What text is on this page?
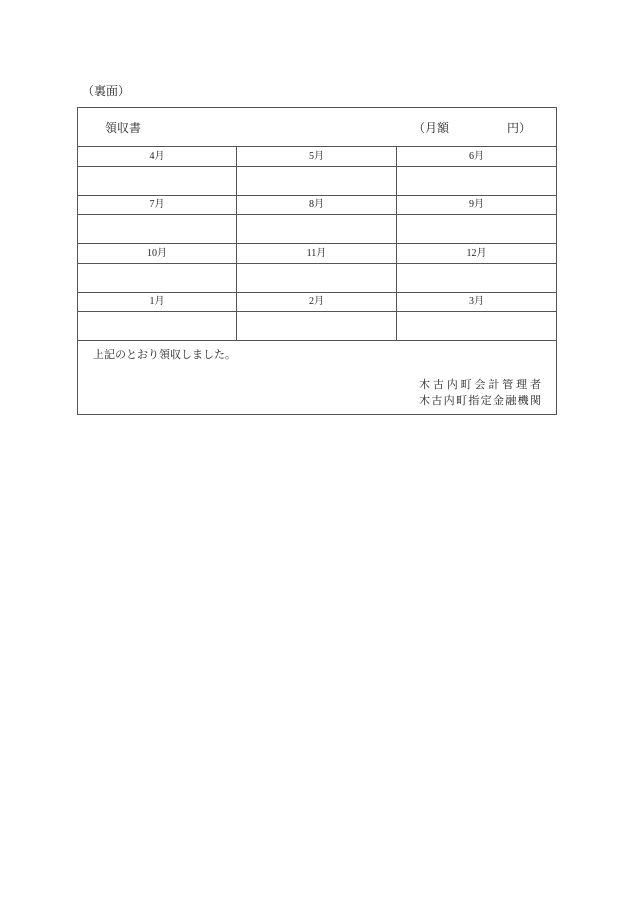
（裏面）
領収書	（月額	円）
4月	5月	6月
7月	8月	9月
10月	11月	12月
1月	2月	3月
上記のとおり領収しました。
木古内町会計管理者
木古内町指定金融機関
